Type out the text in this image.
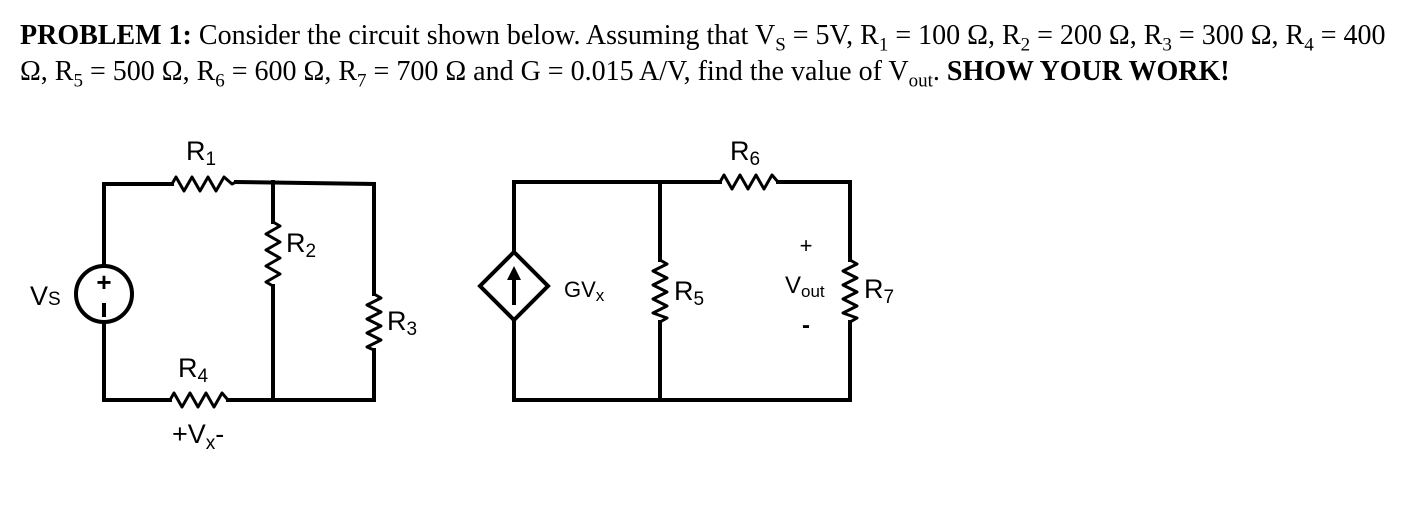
PROBLEM 1: Consider the circuit shown below. Assuming that $V_S = 5V$, $R_1 = 100$ Ω, $R_2 = 200$ Ω, $R_3 = 300$ Ω, $R_4 = 400$ Ω, $R_5 = 500$ Ω, $R_6 = 600$ Ω, $R_7 = 700$ Ω and G = 0.015 A/V, find the value of $V_{out}$. SHOW YOUR WORK!

+
VS
R1
R2
R3
R4
$+V_x-$
GVx	R5
R6
R7
+
Vout
-
